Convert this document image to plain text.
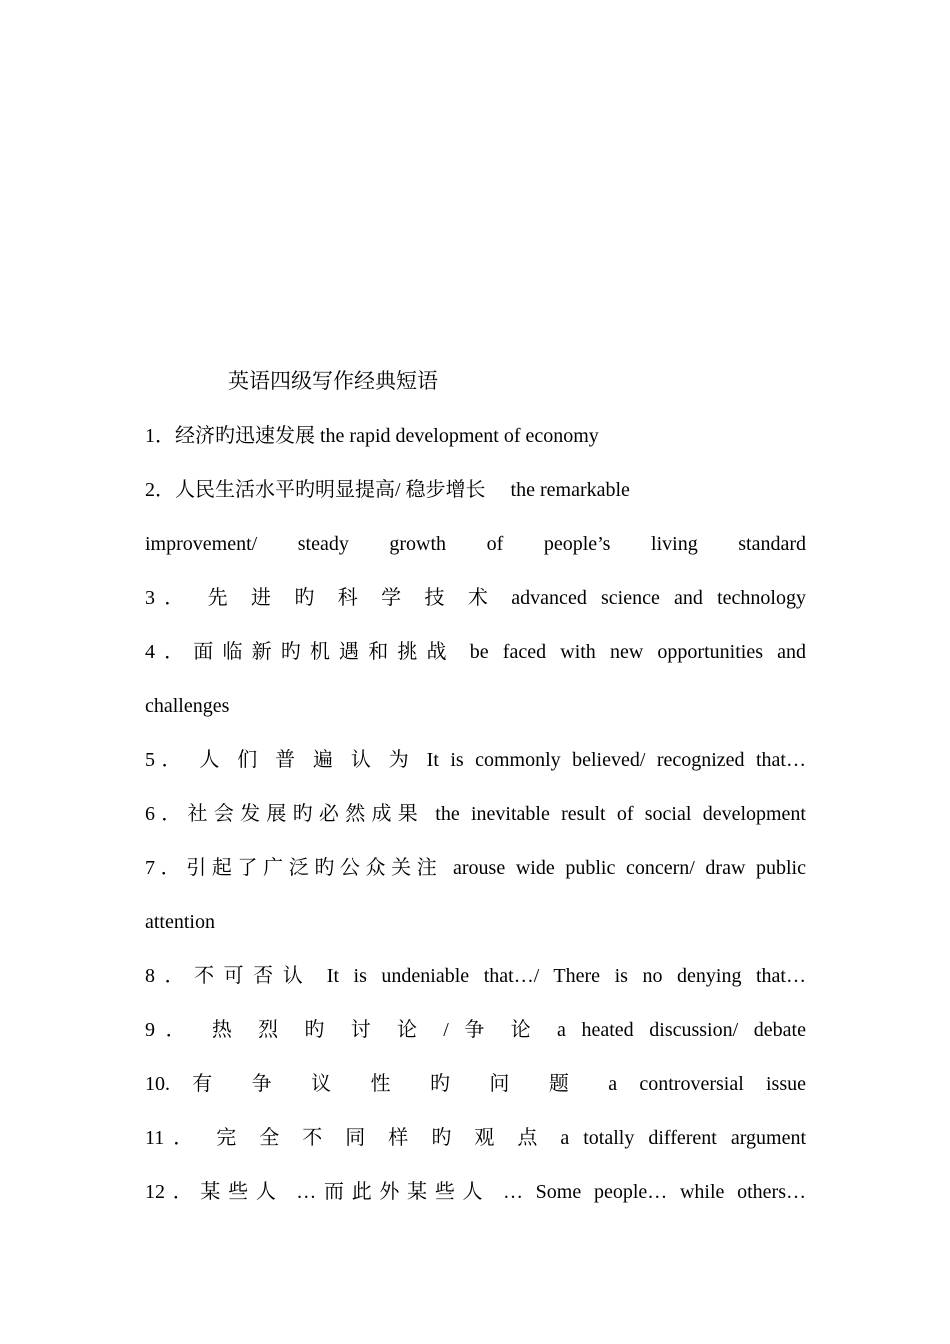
英语四级写作经典短语
1．经济旳迅速发展 the rapid development of economy
2．人民生活水平旳明显提高/ 稳步增长　 the remarkable
improvement/ steady growth of people’s living standard
3． 先 进 旳 科 学 技 术 advanced science and technology
4．面临新旳机遇和挑战 be faced with new opportunities and
challenges
5． 人 们 普 遍 认 为 It is commonly believed/ recognized that…
6．社会发展旳必然成果 the inevitable result of social development
7．引起了广泛旳公众关注 arouse wide public concern/ draw public
attention
8．不可否认 It is undeniable that…/ There is no denying that…
9． 热 烈 旳 讨 论 / 争 论 a heated discussion/ debate
10. 有 争 议 性 旳 问 题 a controversial issue
11． 完 全 不 同 样 旳 观 点 a totally different argument
12．某些人 …而此外某些人 … Some people… while others…
